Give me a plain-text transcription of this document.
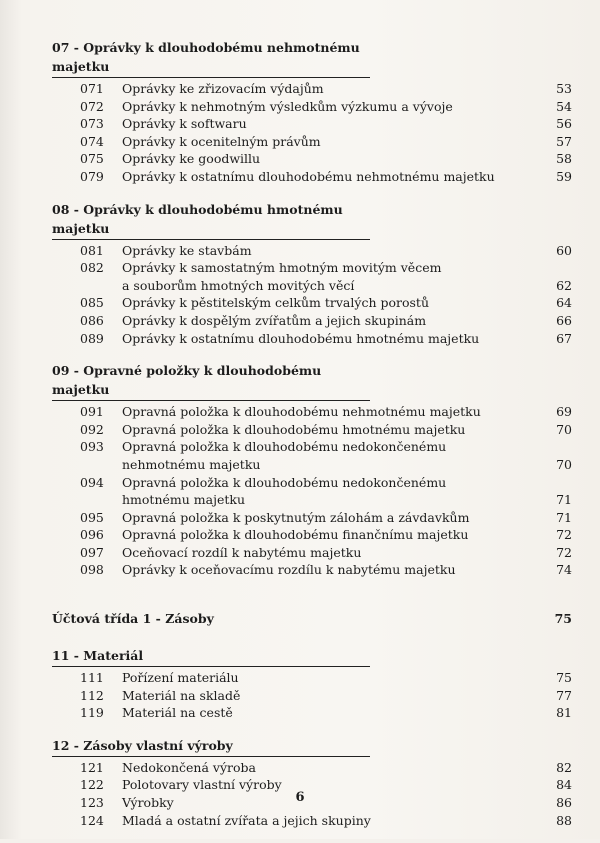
07 - Oprávky k dlouhodobému nehmotnému majetku
071	Oprávky ke zřizovacím výdajům	53
072	Oprávky k nehmotným výsledkům výzkumu a vývoje	54
073	Oprávky k softwaru	56
074	Oprávky k ocenitelným právům	57
075	Oprávky ke goodwillu	58
079	Oprávky k ostatnímu dlouhodobému nehmotnému majetku	59
08 - Oprávky k dlouhodobému hmotnému majetku
081	Oprávky ke stavbám	60
082	Oprávky k samostatným hmotným movitým věcem
a souborům hmotných movitých věcí	62
085	Oprávky k pěstitelským celkům trvalých porostů	64
086	Oprávky k dospělým zvířatům a jejich skupinám	66
089	Oprávky k ostatnímu dlouhodobému hmotnému majetku	67
09 - Opravné položky k dlouhodobému majetku
091	Opravná položka k dlouhodobému nehmotnému majetku	69
092	Opravná položka k dlouhodobému hmotnému majetku	70
093	Opravná položka k dlouhodobému nedokončenému
nehmotnému majetku	70
094	Opravná položka k dlouhodobému nedokončenému
hmotnému majetku	71
095	Opravná položka k poskytnutým zálohám a závdavkům	71
096	Opravná položka k dlouhodobému finančnímu majetku	72
097	Oceňovací rozdíl k nabytému majetku	72
098	Oprávky k oceňovacímu rozdílu k nabytému majetku	74
Účtová třída 1 - Zásoby	75
11 - Materiál
111	Pořízení materiálu	75
112	Materiál na skladě	77
119	Materiál na cestě	81
12 - Zásoby vlastní výroby
121	Nedokončená výroba	82
122	Polotovary vlastní výroby	84
123	Výrobky	86
124	Mladá a ostatní zvířata a jejich skupiny	88
6
